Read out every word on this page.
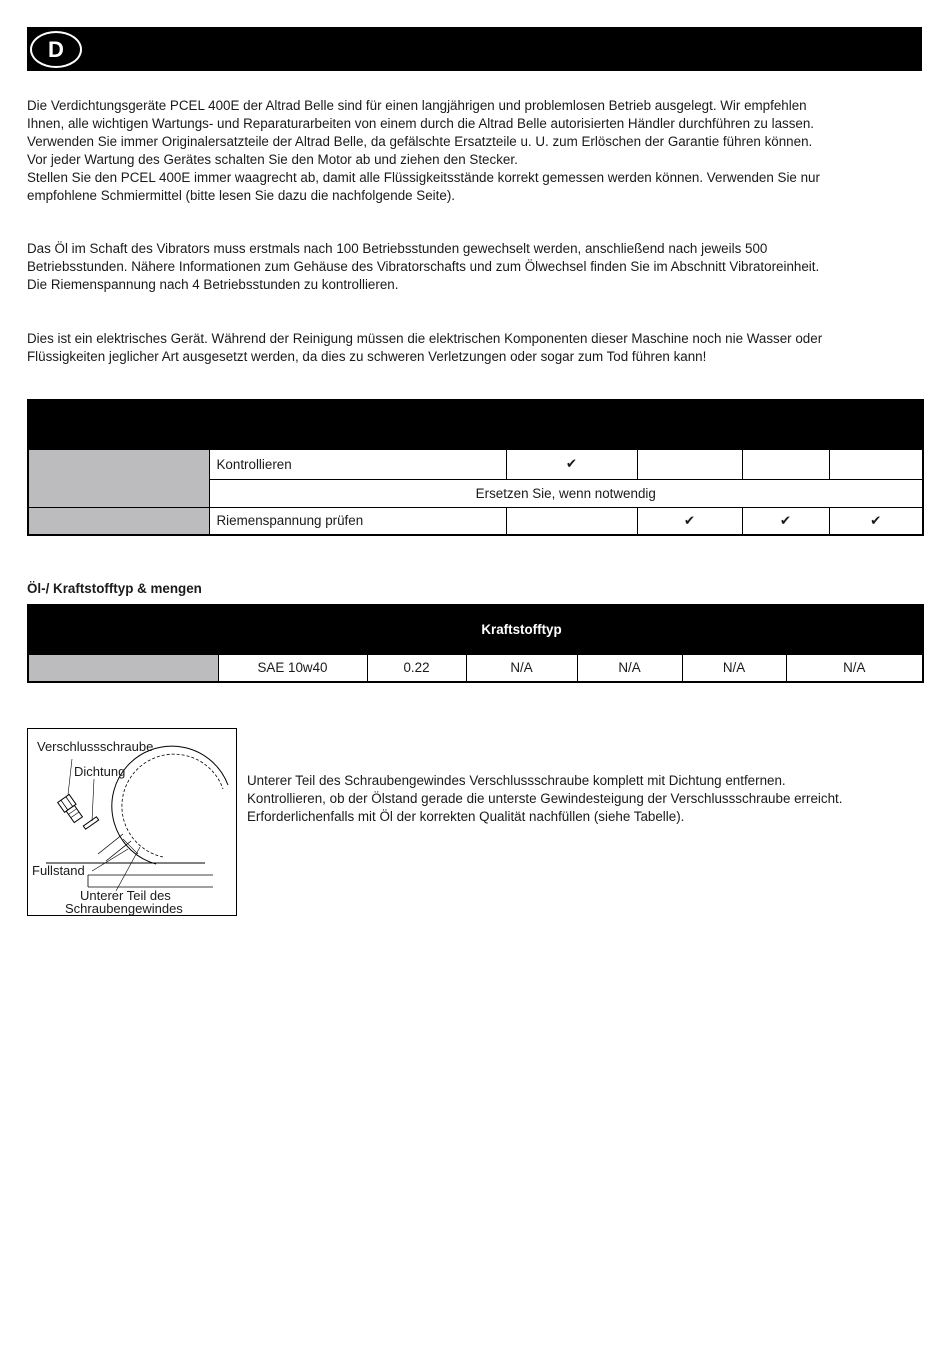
D

Die Verdichtungsgeräte PCEL 400E der Altrad Belle sind für einen langjährigen und problemlosen Betrieb ausgelegt. Wir empfehlen
Ihnen, alle wichtigen Wartungs- und Reparaturarbeiten von einem durch die Altrad Belle autorisierten Händler durchführen zu lassen.
Verwenden Sie immer Originalersatzteile der Altrad Belle, da gefälschte Ersatzteile u. U. zum Erlöschen der Garantie führen können.
Vor jeder Wartung des Gerätes schalten Sie den Motor ab und ziehen den Stecker.
Stellen Sie den PCEL 400E immer waagrecht ab, damit alle Flüssigkeitsstände korrekt gemessen werden können. Verwenden Sie nur
empfohlene Schmiermittel (bitte lesen Sie dazu die nachfolgende Seite).

Das Öl im Schaft des Vibrators muss erstmals nach 100 Betriebsstunden gewechselt werden, anschließend nach jeweils 500
Betriebsstunden. Nähere Informationen zum Gehäuse des Vibratorschafts und zum Ölwechsel finden Sie im Abschnitt Vibratoreinheit.
Die Riemenspannung nach 4 Betriebsstunden zu kontrollieren.

Dies ist ein elektrisches Gerät. Während der Reinigung müssen die elektrischen Komponenten dieser Maschine noch nie Wasser oder
Flüssigkeiten jeglicher Art ausgesetzt werden, da dies zu schweren Verletzungen oder sogar zum Tod führen kann!

	Kontrollieren	✔			
	Ersetzen Sie, wenn notwendig				
	Riemenspannung prüfen		✔	✔	✔

Öl-/ Kraftstofftyp & mengen

			Kraftstofftyp			
	SAE 10w40	0.22	N/A	N/A	N/A	N/A
Verschlussschraube
Dichtung
Fullstand
Unterer Teil des
Schraubengewindes

Unterer Teil des Schraubengewindes Verschlussschraube komplett mit Dichtung entfernen.
Kontrollieren, ob der Ölstand gerade die unterste Gewindesteigung der Verschlussschraube erreicht.
Erforderlichenfalls mit Öl der korrekten Qualität nachfüllen (siehe Tabelle).
